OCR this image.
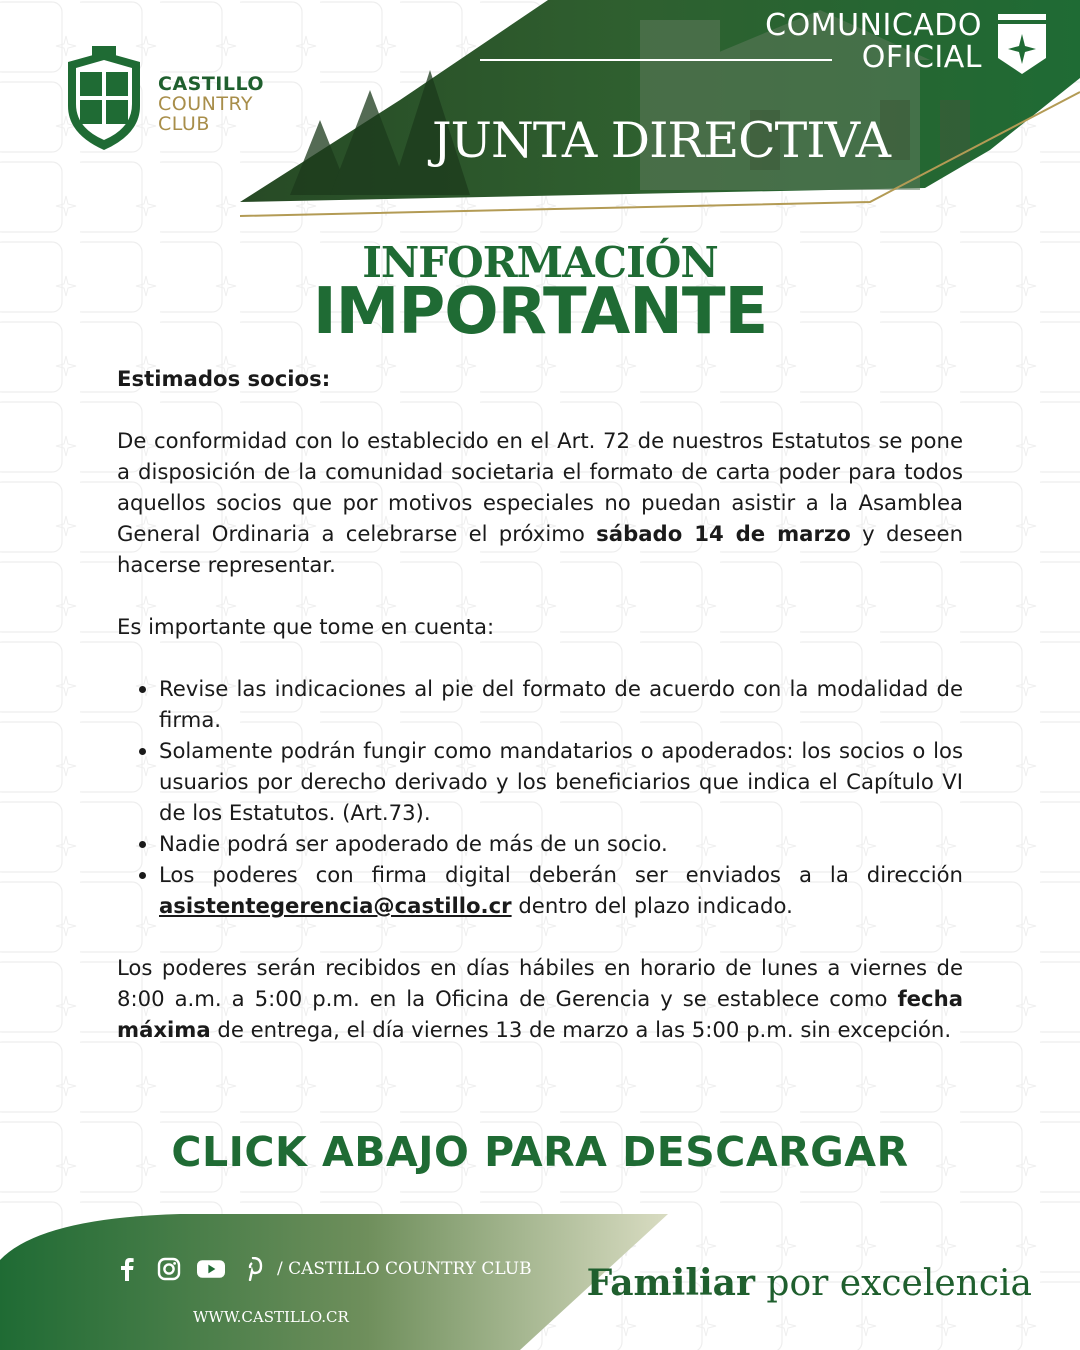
CASTILLO
COUNTRY
CLUB
COMUNICADO
OFICIAL
JUNTA DIRECTIVA
INFORMACIÓN
IMPORTANTE

Estimados socios:

De conformidad con lo establecido en el Art. 72 de nuestros Estatutos se pone a disposición de la comunidad societaria el formato de carta poder para todos aquellos socios que por motivos especiales no puedan asistir a la Asamblea General Ordinaria a celebrarse el próximo sábado 14 de marzo y deseen hacerse representar.

Es importante que tome en cuenta:

• Revise las indicaciones al pie del formato de acuerdo con la modalidad de firma.
• Solamente podrán fungir como mandatarios o apoderados: los socios o los usuarios por derecho derivado y los beneficiarios que indica el Capítulo VI de los Estatutos. (Art.73).
• Nadie podrá ser apoderado de más de un socio.
• Los poderes con firma digital deberán ser enviados a la dirección asistentegerencia@castillo.cr dentro del plazo indicado.

Los poderes serán recibidos en días hábiles en horario de lunes a viernes de 8:00 a.m. a 5:00 p.m. en la Oficina de Gerencia y se establece como fecha máxima de entrega, el día viernes 13 de marzo a las 5:00 p.m. sin excepción.

CLICK ABAJO PARA DESCARGAR
/ CASTILLO COUNTRY CLUB
WWW.CASTILLO.CR
Familiar por excelencia
